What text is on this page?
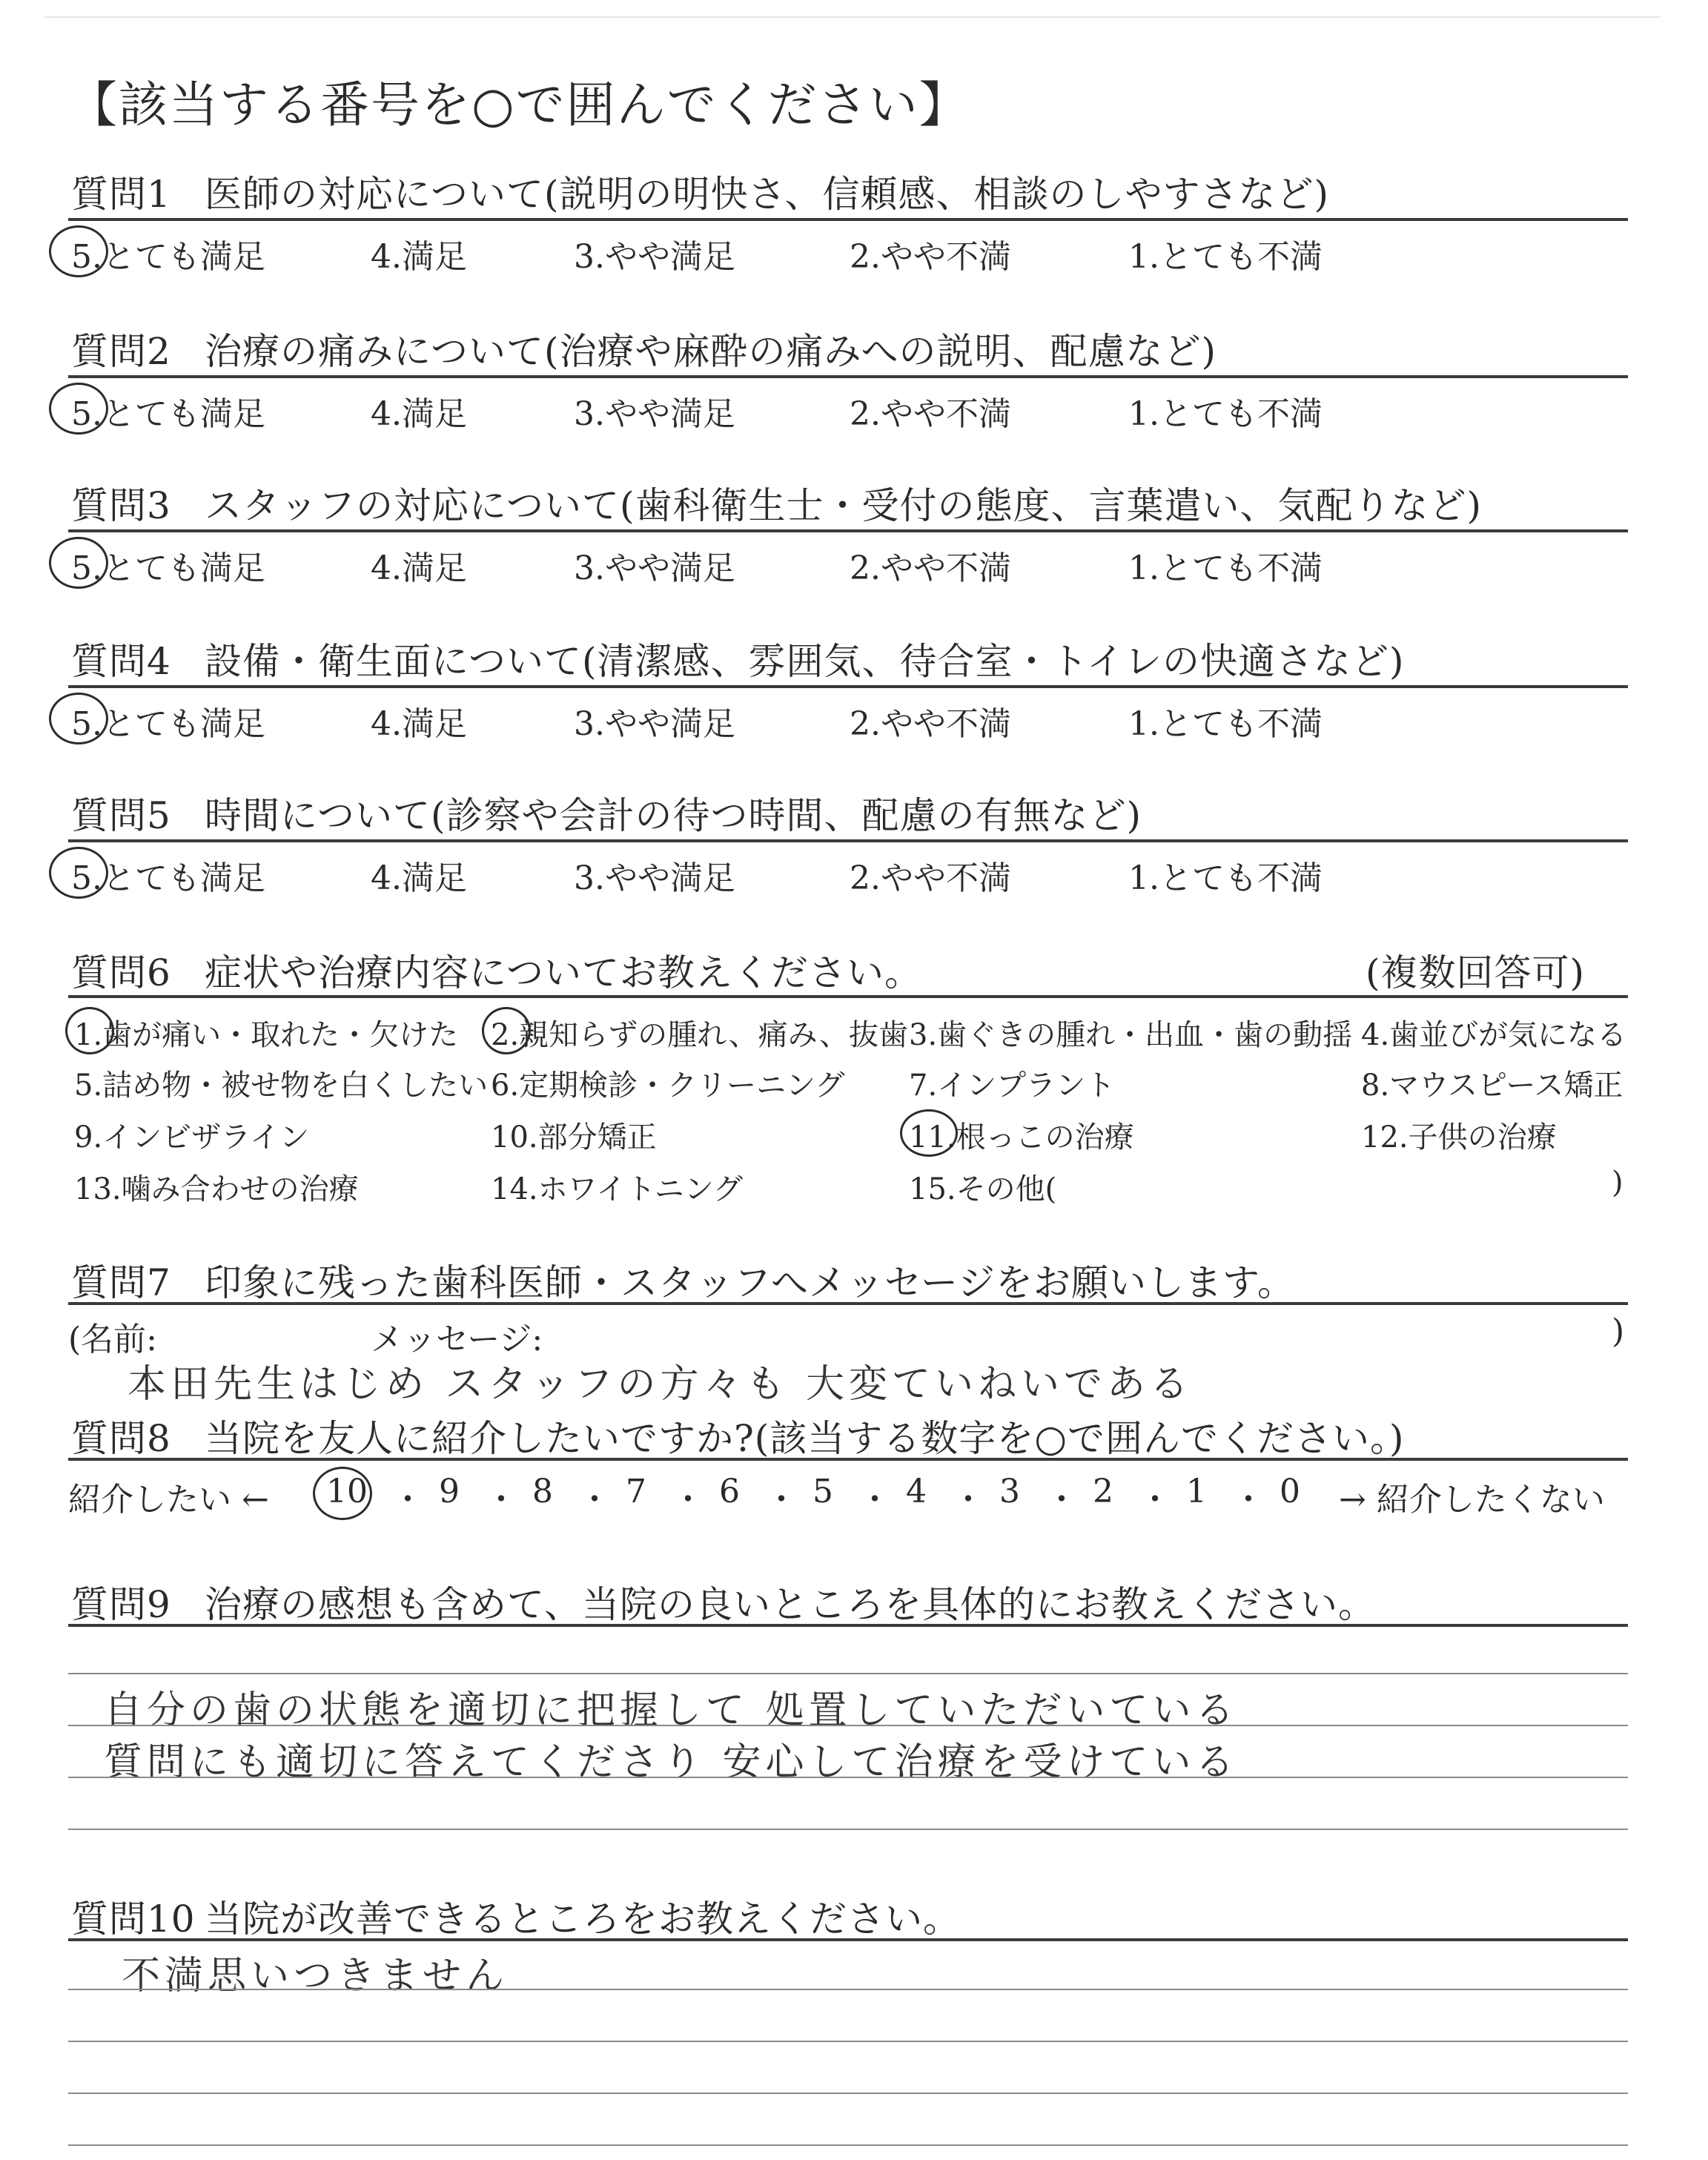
【該当する番号を○で囲んでください】
質問1 医師の対応について(説明の明快さ、信頼感、相談のしやすさなど)
5.とても満足	4.満足	3.やや満足	2.やや不満	1.とても不満
質問2 治療の痛みについて(治療や麻酔の痛みへの説明、配慮など)
5.とても満足	4.満足	3.やや満足	2.やや不満	1.とても不満
質問3 スタッフの対応について(歯科衛生士・受付の態度、言葉遣い、気配りなど)
5.とても満足	4.満足	3.やや満足	2.やや不満	1.とても不満
質問4 設備・衛生面について(清潔感、雰囲気、待合室・トイレの快適さなど)
5.とても満足	4.満足	3.やや満足	2.やや不満	1.とても不満
質問5 時間について(診察や会計の待つ時間、配慮の有無など)
5.とても満足	4.満足	3.やや満足	2.やや不満	1.とても不満
質問6 症状や治療内容についてお教えください。	(複数回答可)
1.歯が痛い・取れた・欠けた 2.親知らずの腫れ、痛み、抜歯 3.歯ぐきの腫れ・出血・歯の動揺 4.歯並びが気になる
5.詰め物・被せ物を白くしたい 6.定期検診・クリーニング 7.インプラント	8.マウスピース矯正
9.インビザライン	10.部分矯正	11.根っこの治療	12.子供の治療
13.噛み合わせの治療	14.ホワイトニング	15.その他(	)
質問7 印象に残った歯科医師・スタッフへメッセージをお願いします。
(名前:	メッセージ:	)
本田先生はじめ スタッフの方々も 大変ていねいである
質問8 当院を友人に紹介したいですか?(該当する数字を○で囲んでください。)
紹介したい ←	→ 紹介したくない
10 ・ 9 ・ 8 ・ 7 ・ 6 ・ 5 ・ 4 ・ 3 ・ 2 ・ 1 ・ 0
質問9 治療の感想も含めて、当院の良いところを具体的にお教えください。
自分の歯の状態を適切に把握して 処置していただいている
質問にも適切に答えてくださり 安心して治療を受けている
質問10 当院が改善できるところをお教えください。
不満思いつきません
